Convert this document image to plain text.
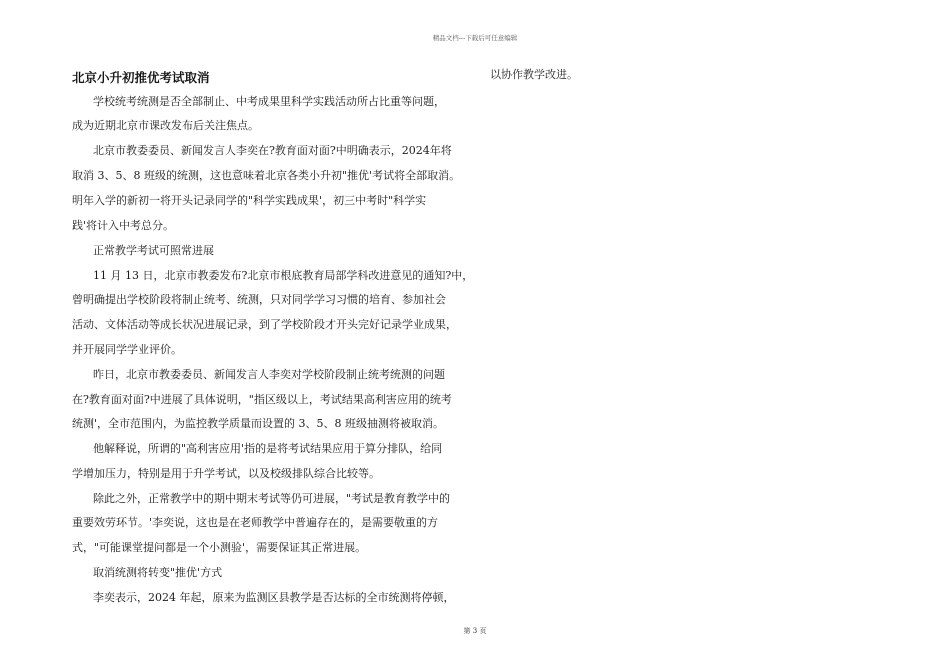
精品文档---下载后可任意编辑
北京小升初推优考试取消	以协作教学改进。
学校统考统测是否全部制止、中考成果里科学实践活动所占比重等问题，
成为近期北京市课改发布后关注焦点。
北京市教委委员、新闻发言人李奕在?教育面对面?中明确表示，2024年将
取消 3、5、8 班级的统测，这也意味着北京各类小升初"推优'考试将全部取消。
明年入学的新初一将开头记录同学的"科学实践成果'，初三中考时"科学实
践'将计入中考总分。
正常教学考试可照常进展
11 月 13 日，北京市教委发布?北京市根底教育局部学科改进意见的通知?中，
曾明确提出学校阶段将制止统考、统测，只对同学学习习惯的培育、参加社会
活动、文体活动等成长状况进展记录，到了学校阶段才开头完好记录学业成果，
并开展同学学业评价。
昨日，北京市教委委员、新闻发言人李奕对学校阶段制止统考统测的问题
在?教育面对面?中进展了具体说明，"指区级以上，考试结果高利害应用的统考
统测'，全市范围内，为监控教学质量而设置的 3、5、8 班级抽测将被取消。
他解释说，所谓的"高利害应用'指的是将考试结果应用于算分排队，给同
学增加压力，特别是用于升学考试，以及校级排队综合比较等。
除此之外，正常教学中的期中期末考试等仍可进展，"考试是教育教学中的
重要效劳环节。'李奕说，这也是在老师教学中普遍存在的，是需要敬重的方
式，"可能课堂提问都是一个小测验'，需要保证其正常进展。
取消统测将转变"推优'方式
李奕表示，2024 年起，原来为监测区县教学是否达标的全市统测将停顿，
第 3 页
